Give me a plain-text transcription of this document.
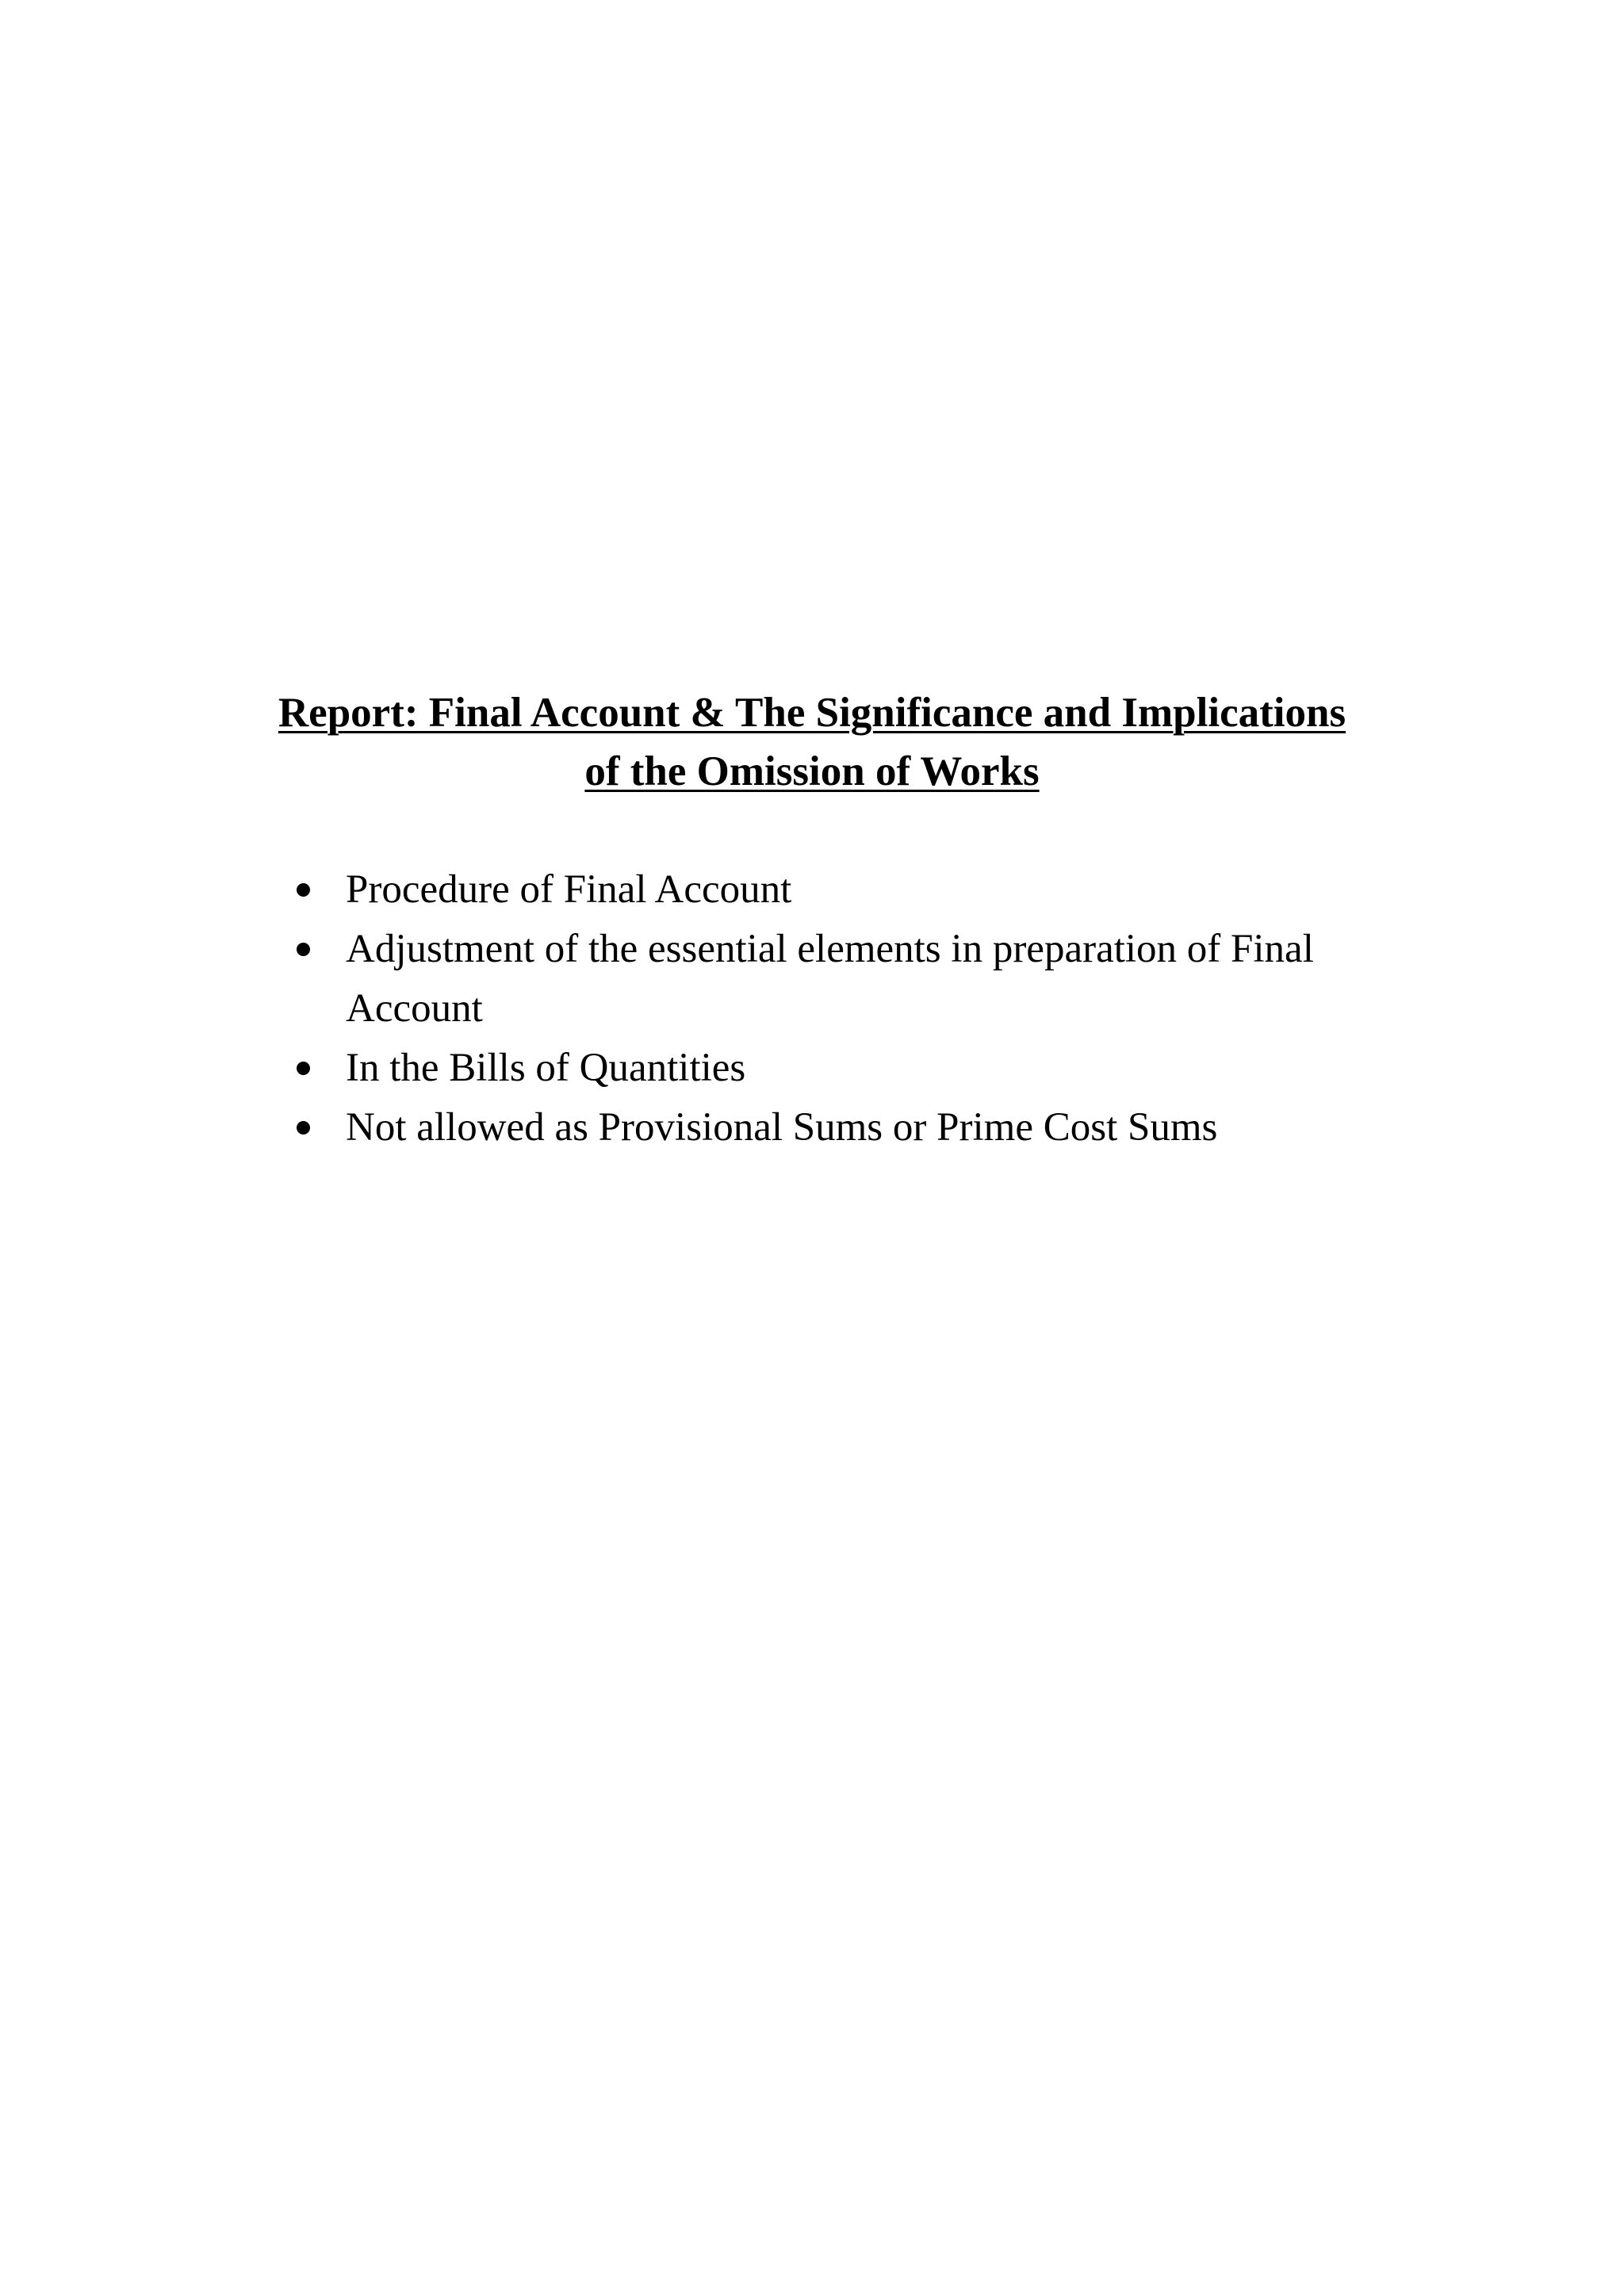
Report: Final Account & The Significance and Implications
of the Omission of Works
Procedure of Final Account
Adjustment of the essential elements in preparation of Final Account
In the Bills of Quantities
Not allowed as Provisional Sums or Prime Cost Sums
